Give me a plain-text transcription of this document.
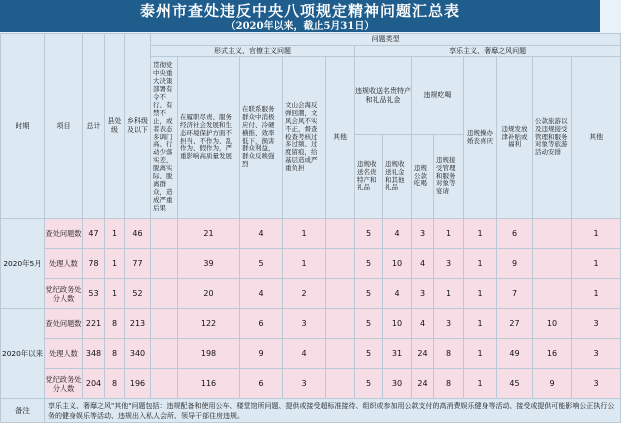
泰州市查处违反中央八项规定精神问题汇总表
（2020年以来，截止5月31日）
时期	项目	总计	县处级	乡科级及以下	问题类型												
					形式主义、官僚主义问题					享乐主义、奢靡之风问题							
					贯彻党中央重大决策部署有令不行、有禁不止，或者表态多调门高、行动少落实差，脱离实际、脱离群众，造成严重后果	在履职尽责、服务经济社会发展和生态环境保护方面不担当、不作为、乱作为、假作为，严重影响高质量发展	在联系服务群众中消极应付、冷硬横推、效率低下，损害群众利益，群众反映强烈	文山会海反弹回潮，文风会风不实不正，督查检查考核过多过频、过度留痕，给基层造成严重负担	其他	违规收送名贵特产和礼品礼金		违规吃喝		违规操办婚丧喜庆	违规发放津补贴或福利	公款旅游以及违规接受管理和服务对象等旅游活动安排	其他
										违规收送名贵特产和礼品	违规收送礼金和其他礼品	违规公款吃喝	违规接受管理和服务对象等宴请				
2020年5月	查处问题数	47	1	46		21	4	1		5	4	3	1	1	6		1
	处理人数	78	1	77		39	5	1		5	10	4	3	1	9		1
	党纪政务处分人数	53	1	52		20	4	2		5	4	3	1	1	7		1
2020年以来	查处问题数	221	8	213		122	6	3		5	10	4	3	1	27	10	3
	处理人数	348	8	340		198	9	4		5	31	24	8	1	49	16	3
	党纪政务处分人数	204	8	196		116	6	3		5	30	24	8	1	45	9	3
备注	享乐主义、奢靡之风"其他"问题包括：违规配备和使用公车、楼堂馆所问题、提供或接受超标准接待、组织或参加用公款支付的高消费娱乐健身等活动、接受或提供可能影响公正执行公务的健身娱乐等活动、违规出入私人会所、领导干部住房违规。																
